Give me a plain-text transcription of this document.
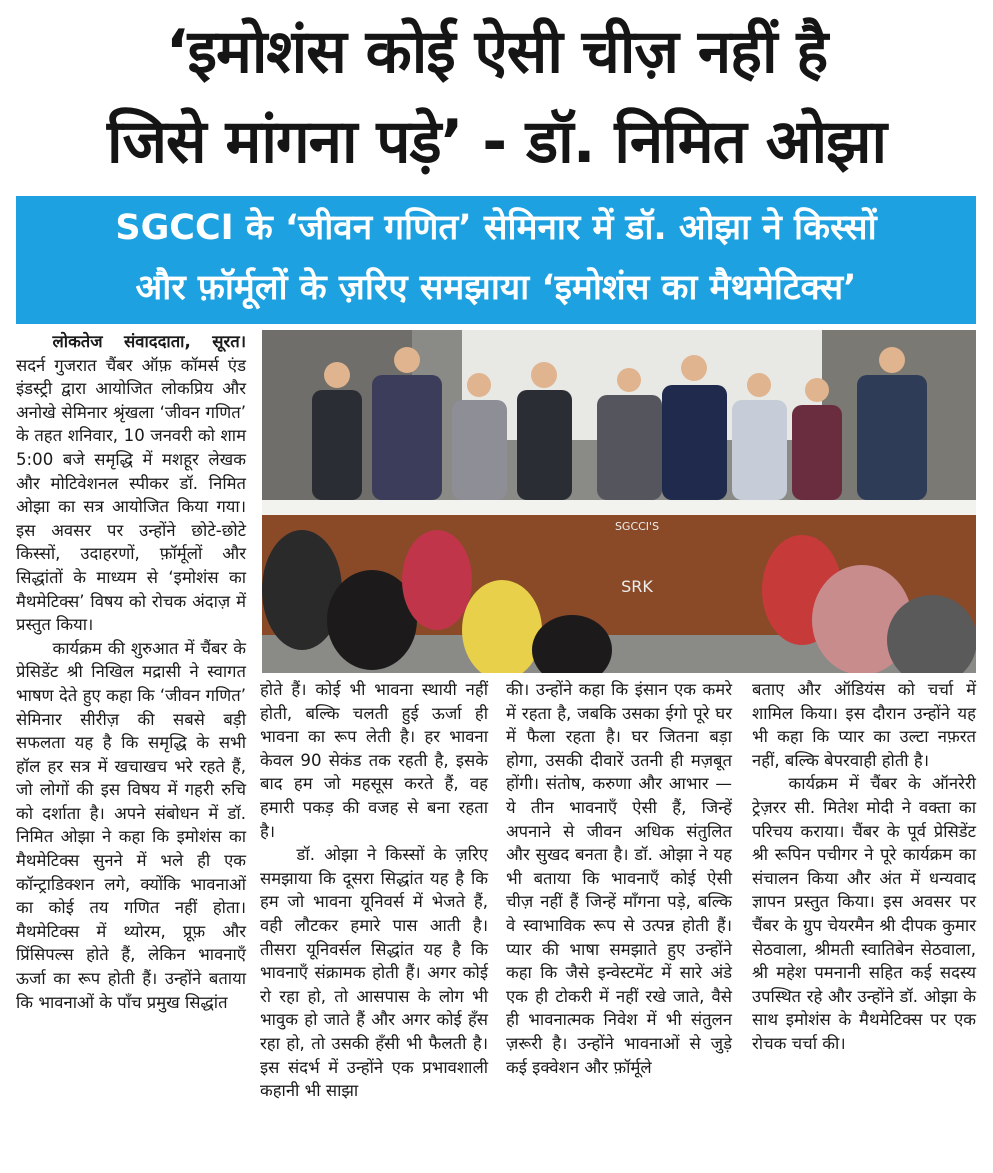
‘इमोशंस कोई ऐसी चीज़ नहीं है
जिसे मांगना पड़े’ - डॉ. निमित ओझा
SGCCI के ‘जीवन गणित’ सेमिनार में डॉ. ओझा ने किस्सों
और फ़ॉर्मूलों के ज़रिए समझाया ‘इमोशंस का मैथमेटिक्स’
SGCCI'S
SRK

लोकतेज संवाददाता, सूरत। सदर्न गुजरात चैंबर ऑफ़ कॉमर्स एंड इंडस्ट्री द्वारा आयोजित लोकप्रिय और अनोखे सेमिनार श्रृंखला ‘जीवन गणित’ के तहत शनिवार, 10 जनवरी को शाम 5:00 बजे समृद्धि में मशहूर लेखक और मोटिवेशनल स्पीकर डॉ. निमित ओझा का सत्र आयोजित किया गया। इस अवसर पर उन्होंने छोटे-छोटे किस्सों, उदाहरणों, फ़ॉर्मूलों और सिद्धांतों के माध्यम से ‘इमोशंस का मैथमेटिक्स’ विषय को रोचक अंदाज़ में प्रस्तुत किया।

कार्यक्रम की शुरुआत में चैंबर के प्रेसिडेंट श्री निखिल मद्रासी ने स्वागत भाषण देते हुए कहा कि ‘जीवन गणित’ सेमिनार सीरीज़ की सबसे बड़ी सफलता यह है कि समृद्धि के सभी हॉल हर सत्र में खचाखच भरे रहते हैं, जो लोगों की इस विषय में गहरी रुचि को दर्शाता है। अपने संबोधन में डॉ. निमित ओझा ने कहा कि इमोशंस का मैथमेटिक्स सुनने में भले ही एक कॉन्ट्राडिक्शन लगे, क्योंकि भावनाओं का कोई तय गणित नहीं होता। मैथमेटिक्स में थ्योरम, प्रूफ़ और प्रिंसिपल्स होते हैं, लेकिन भावनाएँ ऊर्जा का रूप होती हैं। उन्होंने बताया कि भावनाओं के पाँच प्रमुख सिद्धांत

होते हैं। कोई भी भावना स्थायी नहीं होती, बल्कि चलती हुई ऊर्जा ही भावना का रूप लेती है। हर भावना केवल 90 सेकंड तक रहती है, इसके बाद हम जो महसूस करते हैं, वह हमारी पकड़ की वजह से बना रहता है।

डॉ. ओझा ने किस्सों के ज़रिए समझाया कि दूसरा सिद्धांत यह है कि हम जो भावना यूनिवर्स में भेजते हैं, वही लौटकर हमारे पास आती है। तीसरा यूनिवर्सल सिद्धांत यह है कि भावनाएँ संक्रामक होती हैं। अगर कोई रो रहा हो, तो आसपास के लोग भी भावुक हो जाते हैं और अगर कोई हँस रहा हो, तो उसकी हँसी भी फैलती है। इस संदर्भ में उन्होंने एक प्रभावशाली कहानी भी साझा

की। उन्होंने कहा कि इंसान एक कमरे में रहता है, जबकि उसका ईगो पूरे घर में फैला रहता है। घर जितना बड़ा होगा, उसकी दीवारें उतनी ही मज़बूत होंगी। संतोष, करुणा और आभार — ये तीन भावनाएँ ऐसी हैं, जिन्हें अपनाने से जीवन अधिक संतुलित और सुखद बनता है। डॉ. ओझा ने यह भी बताया कि भावनाएँ कोई ऐसी चीज़ नहीं हैं जिन्हें माँगना पड़े, बल्कि वे स्वाभाविक रूप से उत्पन्न होती हैं। प्यार की भाषा समझाते हुए उन्होंने कहा कि जैसे इन्वेस्टमेंट में सारे अंडे एक ही टोकरी में नहीं रखे जाते, वैसे ही भावनात्मक निवेश में भी संतुलन ज़रूरी है। उन्होंने भावनाओं से जुड़े कई इक्वेशन और फ़ॉर्मूले

बताए और ऑडियंस को चर्चा में शामिल किया। इस दौरान उन्होंने यह भी कहा कि प्यार का उल्टा नफ़रत नहीं, बल्कि बेपरवाही होती है।

कार्यक्रम में चैंबर के ऑनरेरी ट्रेज़रर सी. मितेश मोदी ने वक्ता का परिचय कराया। चैंबर के पूर्व प्रेसिडेंट श्री रूपिन पचीगर ने पूरे कार्यक्रम का संचालन किया और अंत में धन्यवाद ज्ञापन प्रस्तुत किया। इस अवसर पर चैंबर के ग्रुप चेयरमैन श्री दीपक कुमार सेठवाला, श्रीमती स्वातिबेन सेठवाला, श्री महेश पमनानी सहित कई सदस्य उपस्थित रहे और उन्होंने डॉ. ओझा के साथ इमोशंस के मैथमेटिक्स पर एक रोचक चर्चा की।
